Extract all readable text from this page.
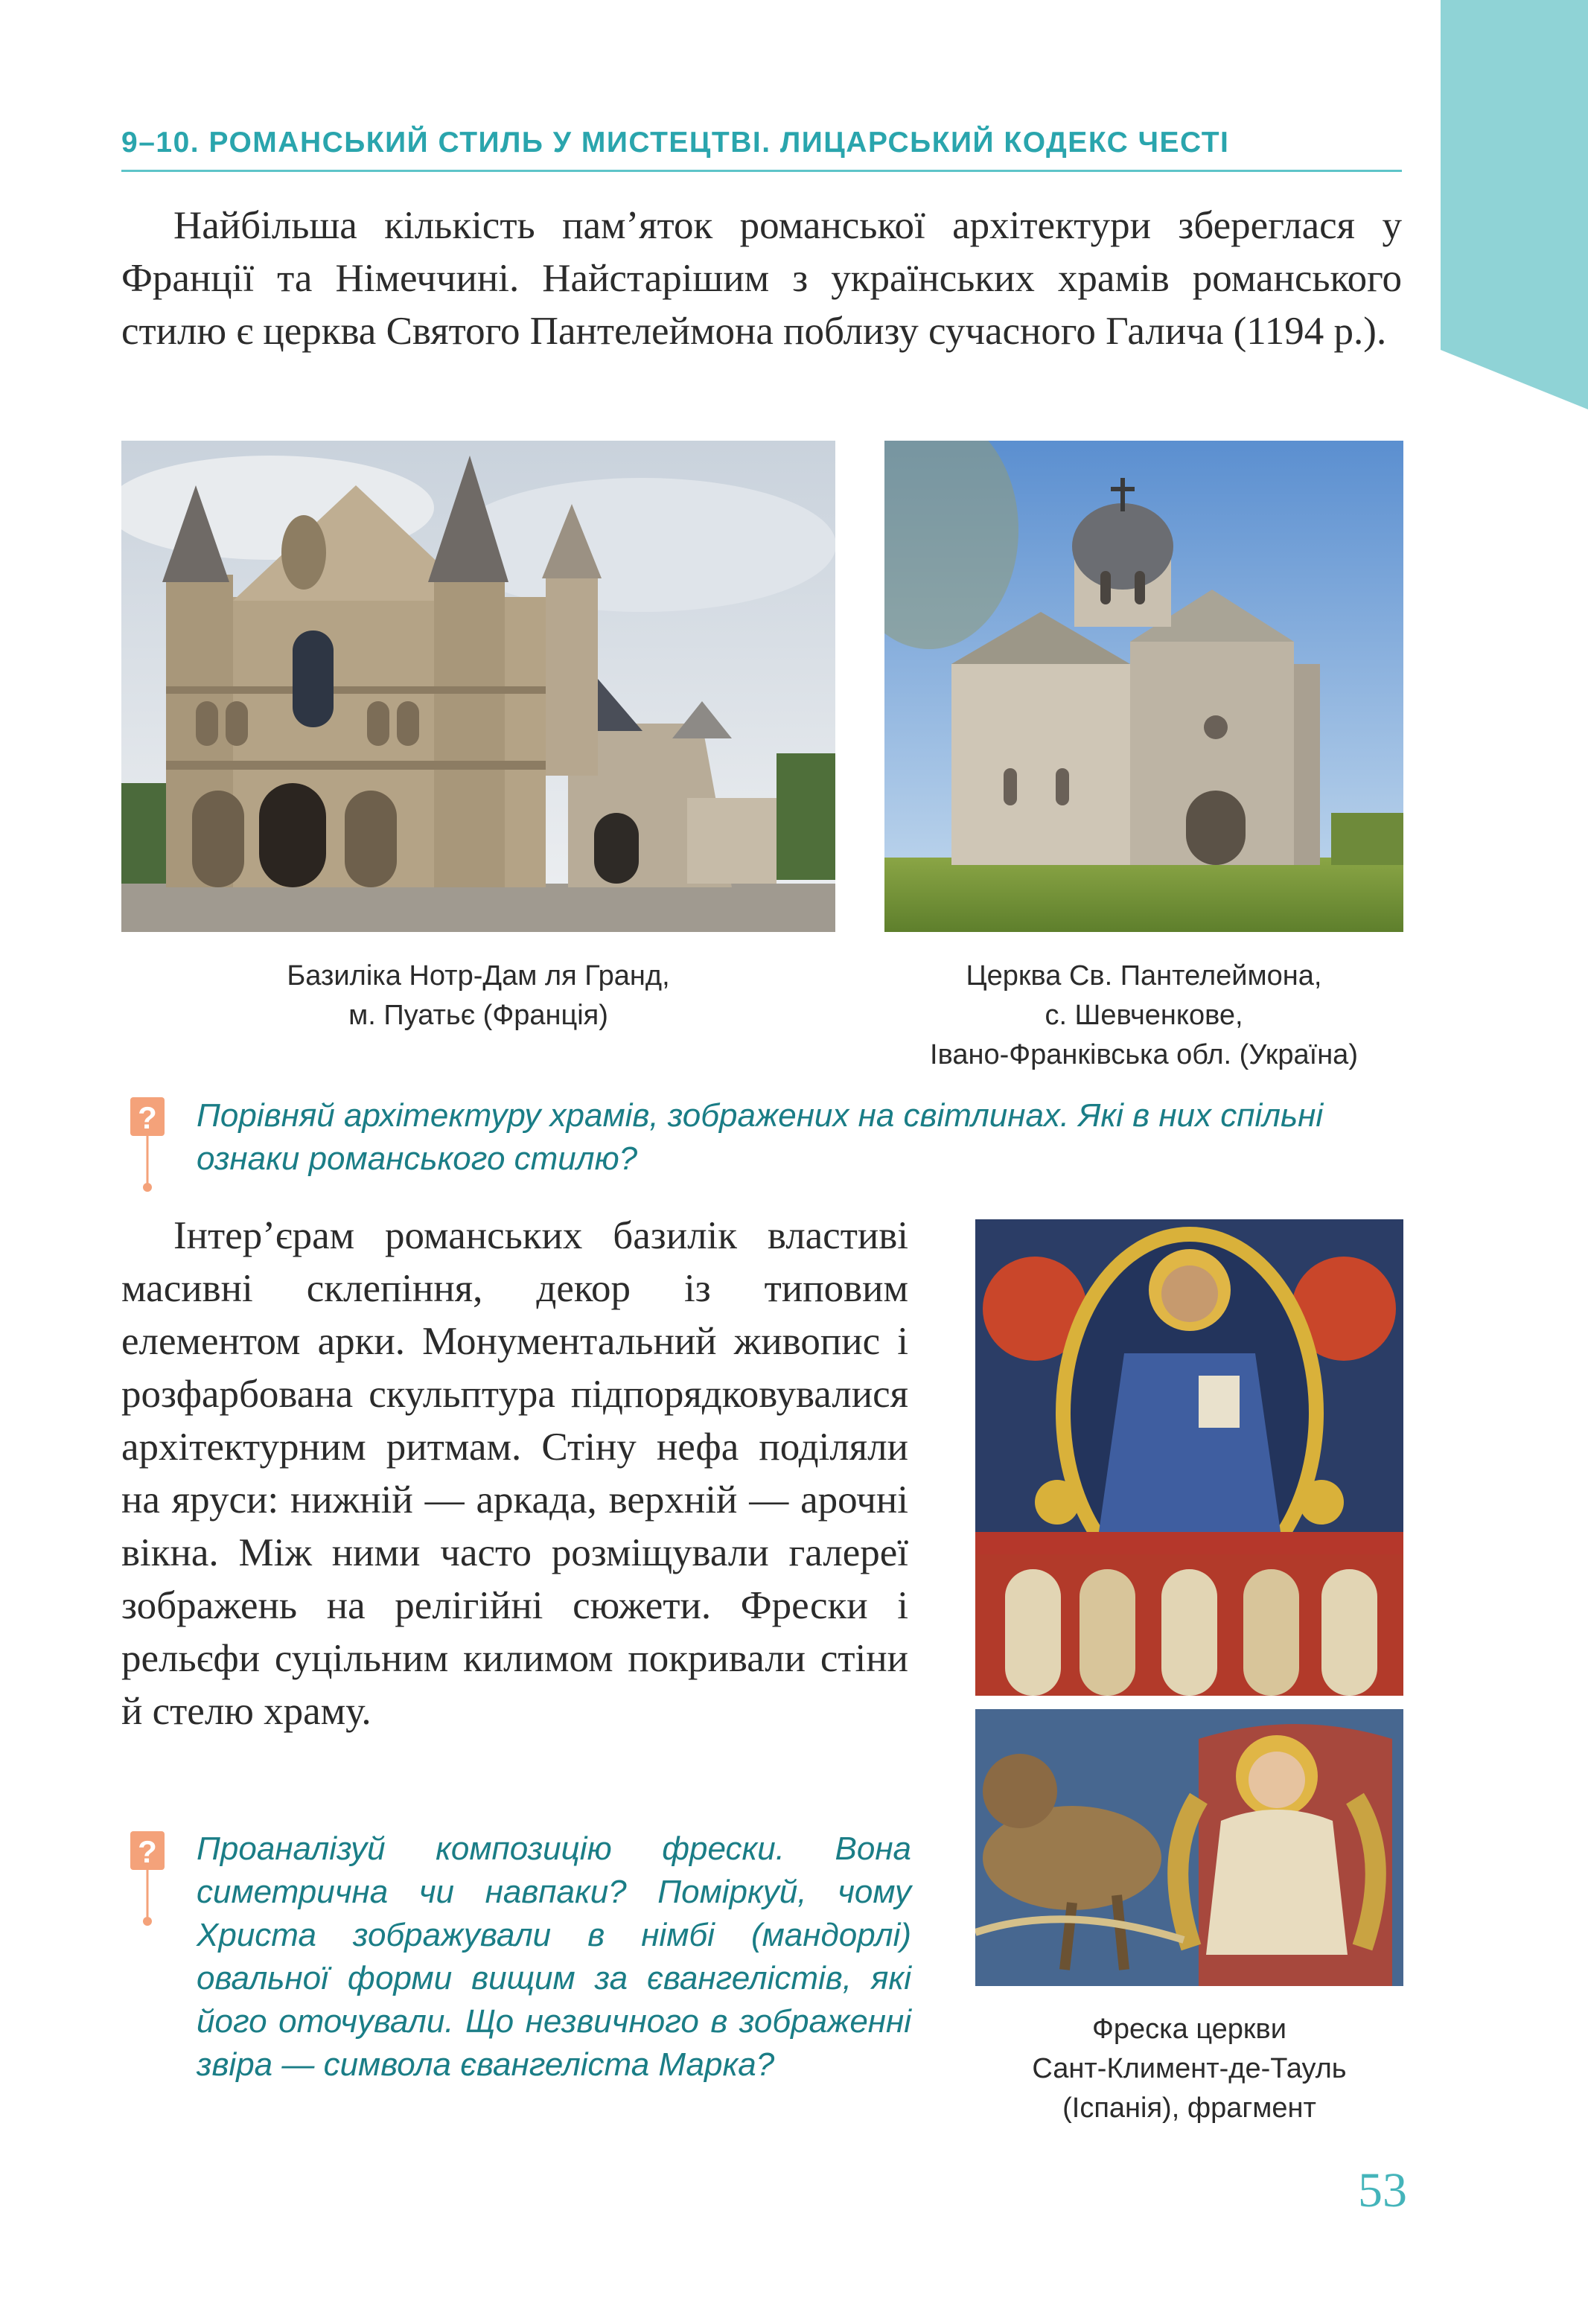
9–10. РОМАНСЬКИЙ СТИЛЬ У МИСТЕЦТВІ. ЛИЦАРСЬКИЙ КОДЕКС ЧЕСТІ

Найбільша кількість пам’яток романської архітектури збереглася у Франції та Німеччині. Найстарішим з українських храмів романського стилю є церква Святого Пантелеймона поблизу сучасного Галича (1194 р.).

Базиліка Нотр-Дам ля Гранд,
м. Пуатьє (Франція)
Церква Св. Пантелеймона,
с. Шевченкове,
Івано-Франківська обл. (Україна)
? Порівняй архітектуру храмів, зображених на світлинах. Які в них спільні ознаки романського стилю?

Інтер’єрам романських базилік властиві масивні склепіння, декор із типовим елементом арки. Монументальний живопис і розфарбована скульптура підпорядковувалися архітектурним ритмам. Стіну нефа поділяли на яруси: нижній — аркада, верхній — арочні вікна. Між ними часто розміщували галереї зображень на релігійні сюжети. Фрески і рельєфи суцільним килимом покривали стіни й стелю храму.

Фреска церкви
Сант-Климент-де-Тауль
(Іспанія), фрагмент
? Проаналізуй композицію фрески. Вона симетрична чи навпаки? Поміркуй, чому Христа зображували в німбі (мандорлі) овальної форми вищим за євангелістів, які його оточували. Що незвичного в зображенні звіра — символа євангеліста Марка?

53
